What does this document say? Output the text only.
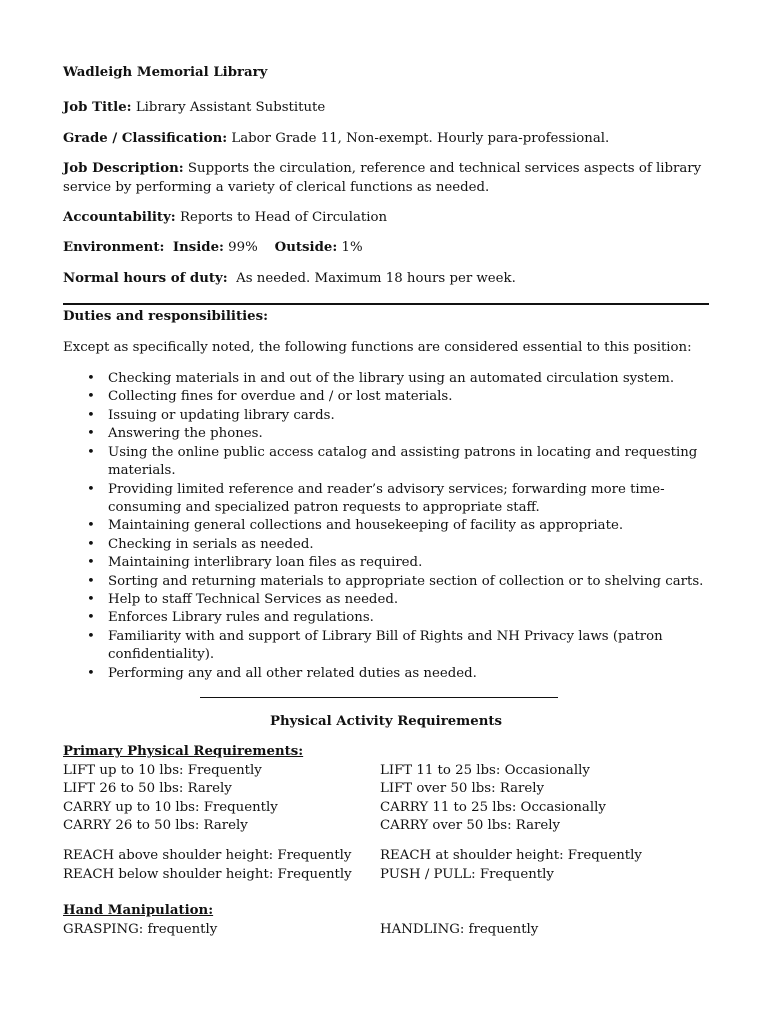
Wadleigh Memorial Library
Job Title: Library Assistant Substitute
Grade / Classification: Labor Grade 11, Non-exempt. Hourly para-professional.
Job Description: Supports the circulation, reference and technical services aspects of library service by performing a variety of clerical functions as needed.
Accountability: Reports to Head of Circulation
Environment: Inside: 99% Outside: 1%
Normal hours of duty: As needed. Maximum 18 hours per week.
Duties and responsibilities:
Except as specifically noted, the following functions are considered essential to this position:
• Checking materials in and out of the library using an automated circulation system.
• Collecting fines for overdue and / or lost materials.
• Issuing or updating library cards.
• Answering the phones.
• Using the online public access catalog and assisting patrons in locating and requesting materials.
• Providing limited reference and reader’s advisory services; forwarding more time-consuming and specialized patron requests to appropriate staff.
• Maintaining general collections and housekeeping of facility as appropriate.
• Checking in serials as needed.
• Maintaining interlibrary loan files as required.
• Sorting and returning materials to appropriate section of collection or to shelving carts.
• Help to staff Technical Services as needed.
• Enforces Library rules and regulations.
• Familiarity with and support of Library Bill of Rights and NH Privacy laws (patron confidentiality).
• Performing any and all other related duties as needed.
Physical Activity Requirements
Primary Physical Requirements:
LIFT up to 10 lbs: Frequently	LIFT 11 to 25 lbs: Occasionally
LIFT 26 to 50 lbs: Rarely	LIFT over 50 lbs: Rarely
CARRY up to 10 lbs: Frequently	CARRY 11 to 25 lbs: Occasionally
CARRY 26 to 50 lbs: Rarely	CARRY over 50 lbs: Rarely
REACH above shoulder height: Frequently	REACH at shoulder height: Frequently
REACH below shoulder height: Frequently	PUSH / PULL: Frequently
Hand Manipulation:
GRASPING: frequently	HANDLING: frequently
